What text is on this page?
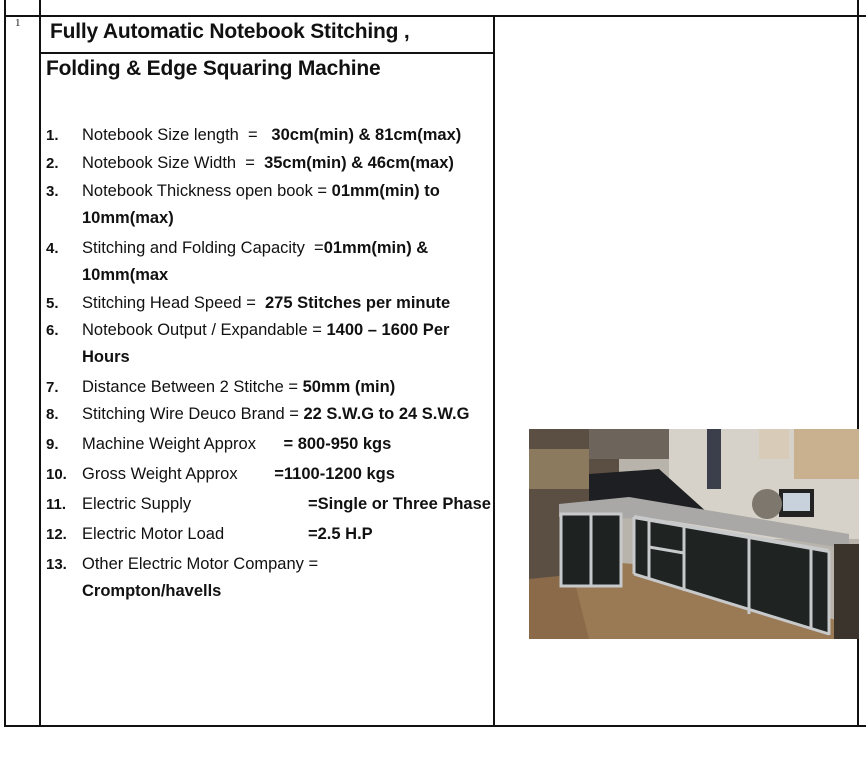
1 Fully Automatic Notebook Stitching ,
Folding & Edge Squaring Machine
1. Notebook Size length  =   30cm(min) & 81cm(max)
2. Notebook Size Width  =  35cm(min) & 46cm(max)
3. Notebook Thickness open book = 01mm(min) to 10mm(max)
4. Stitching and Folding Capacity  =01mm(min) & 10mm(max
5. Stitching Head Speed =  275 Stitches per minute
6. Notebook Output / Expandable = 1400 – 1600 Per Hours
7. Distance Between 2 Stitche = 50mm (min)
8. Stitching Wire Deuco Brand = 22 S.W.G to 24 S.W.G
9. Machine Weight Approx      = 800-950 kgs
10. Gross Weight Approx        =1100-1200 kgs
11. Electric Supply	=Single or Three Phase
12. Electric Motor Load	=2.5 H.P
13. Other Electric Motor Company =
Crompton/havells
